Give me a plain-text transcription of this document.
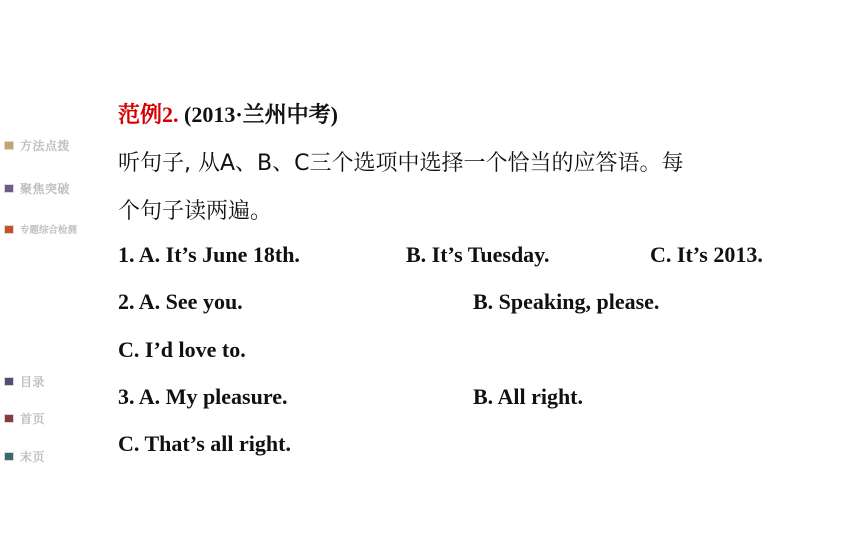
方法点拨
聚焦突破
专题综合检测
目录
首页
末页
范例2. (2013·兰州中考)
听句子, 从A、B、C三个选项中选择一个恰当的应答语。每
个句子读两遍。
1. A. It’s June 18th.	B. It’s Tuesday.	C. It’s 2013.
2. A. See you.	B. Speaking, please.
C. I’d love to.
3. A. My pleasure.	B. All right.
C. That’s all right.
